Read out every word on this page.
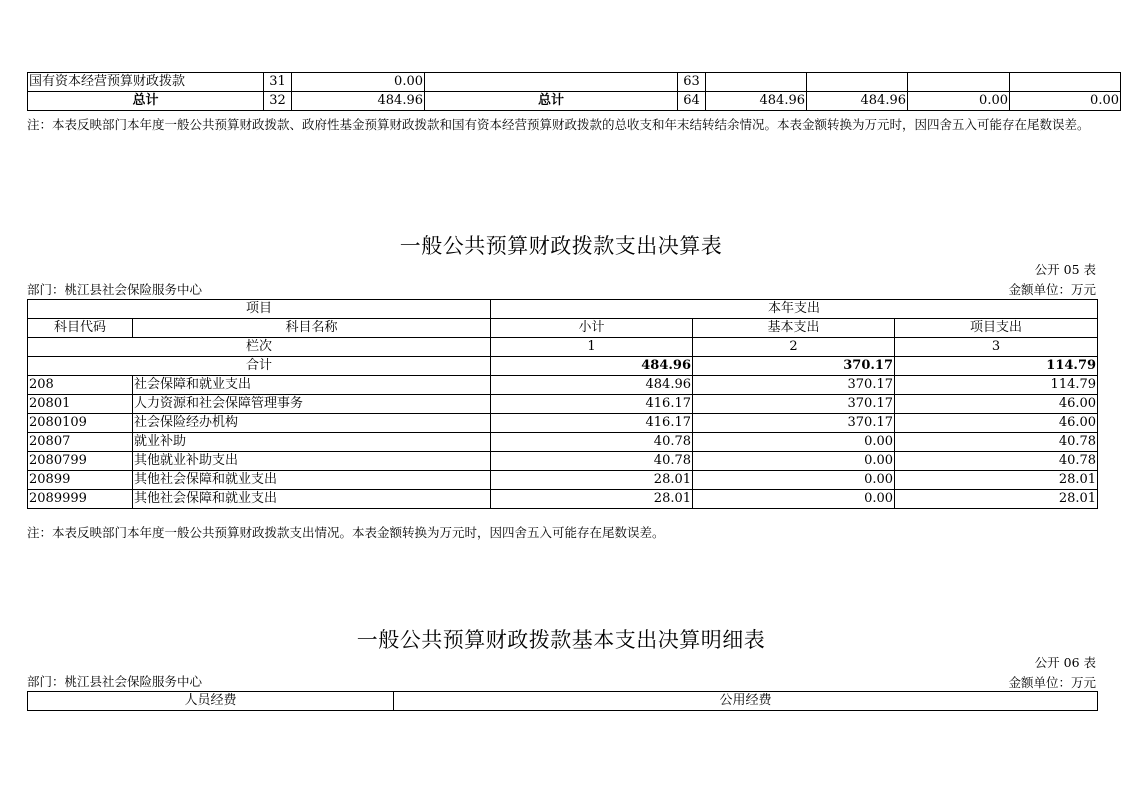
国有资本经营预算财政拨款	31	0.00		63				
总计	32	484.96	总计	64	484.96	484.96	0.00	0.00
注：本表反映部门本年度一般公共预算财政拨款、政府性基金预算财政拨款和国有资本经营预算财政拨款的总收支和年末结转结余情况。本表金额转换为万元时，因四舍五入可能存在尾数误差。
一般公共预算财政拨款支出决算表
公开 05 表
部门：桃江县社会保险服务中心	金额单位：万元
项目		本年支出		
科目代码	科目名称	小计	基本支出	项目支出
栏次		1	2	3
合计		484.96	370.17	114.79
208	社会保障和就业支出	484.96	370.17	114.79
20801	人力资源和社会保障管理事务	416.17	370.17	46.00
2080109	社会保险经办机构	416.17	370.17	46.00
20807	就业补助	40.78	0.00	40.78
2080799	其他就业补助支出	40.78	0.00	40.78
20899	其他社会保障和就业支出	28.01	0.00	28.01
2089999	其他社会保障和就业支出	28.01	0.00	28.01
注：本表反映部门本年度一般公共预算财政拨款支出情况。本表金额转换为万元时，因四舍五入可能存在尾数误差。
一般公共预算财政拨款基本支出决算明细表
公开 06 表
部门：桃江县社会保险服务中心	金额单位：万元
人员经费	公用经费
